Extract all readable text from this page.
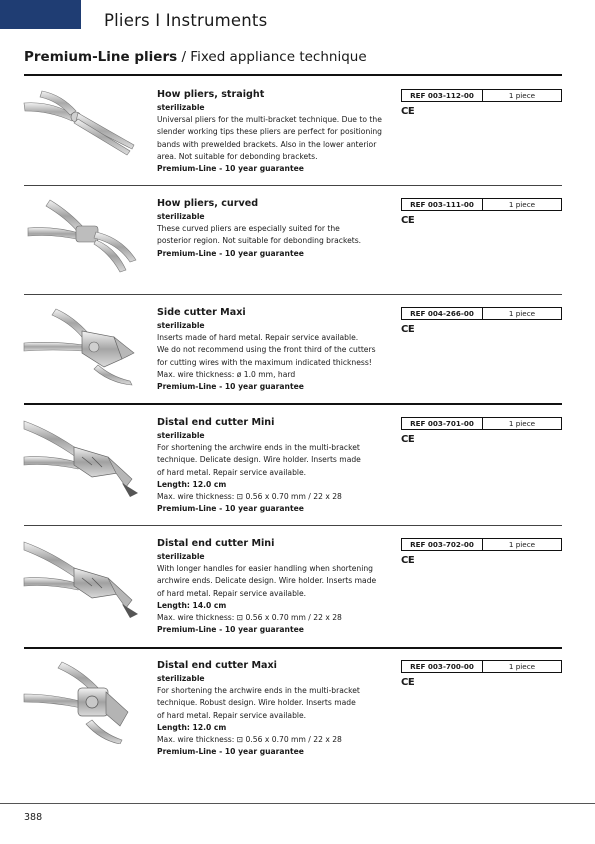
Pliers I Instruments
Premium-Line pliers / Fixed appliance technique
How pliers, straight
sterilizable
Universal pliers for the multi-bracket technique. Due to the
slender working tips these pliers are perfect for positioning
bands with prewelded brackets. Also in the lower anterior
area. Not suitable for debonding brackets.
Premium-Line - 10 year guarantee
REF 003-112-00	1 piece
CE
How pliers, curved
sterilizable
These curved pliers are especially suited for the
posterior region. Not suitable for debonding brackets.
Premium-Line - 10 year guarantee
REF 003-111-00	1 piece
CE
Side cutter Maxi
sterilizable
Inserts made of hard metal. Repair service available.
We do not recommend using the front third of the cutters
for cutting wires with the maximum indicated thickness!
Max. wire thickness: ø 1.0 mm, hard
Premium-Line - 10 year guarantee
REF 004-266-00	1 piece
CE
Distal end cutter Mini
sterilizable
For shortening the archwire ends in the multi-bracket
technique. Delicate design. Wire holder. Inserts made
of hard metal. Repair service available.
Length: 12.0 cm
Max. wire thickness: ⊡ 0.56 x 0.70 mm / 22 x 28
Premium-Line - 10 year guarantee
REF 003-701-00	1 piece
CE
Distal end cutter Mini
sterilizable
With longer handles for easier handling when shortening
archwire ends. Delicate design. Wire holder. Inserts made
of hard metal. Repair service available.
Length: 14.0 cm
Max. wire thickness: ⊡ 0.56 x 0.70 mm / 22 x 28
Premium-Line - 10 year guarantee
REF 003-702-00	1 piece
CE
Distal end cutter Maxi
sterilizable
For shortening the archwire ends in the multi-bracket
technique. Robust design. Wire holder. Inserts made
of hard metal. Repair service available.
Length: 12.0 cm
Max. wire thickness: ⊡ 0.56 x 0.70 mm / 22 x 28
Premium-Line - 10 year guarantee
REF 003-700-00	1 piece
CE
388
